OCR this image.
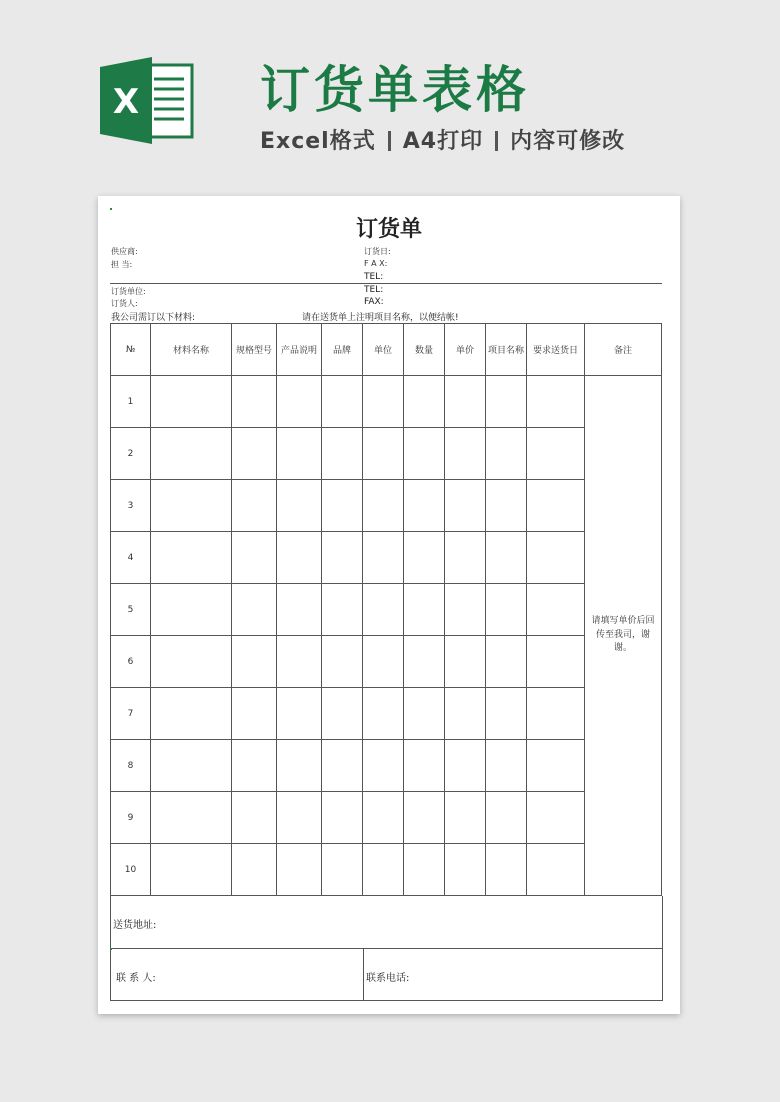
X 订货单表格
Excel格式 A4打印 内容可修改
订货单
供应商:
担 当:
订货日:
F A X:
TEL:
订货单位:
订货人:
TEL:
FAX:
我公司需订以下材料:	请在送货单上注明项目名称，以便结帐!
№	材料名称	规格型号	产品说明	品牌	单位	数量	单价	项目名称	要求送货日	备注
1										请填写单价后回传至我司，谢谢。
2										
3										
4										
5										
6										
7										
8										
9										
10										
送货地址:
联 系 人:	联系电话:
